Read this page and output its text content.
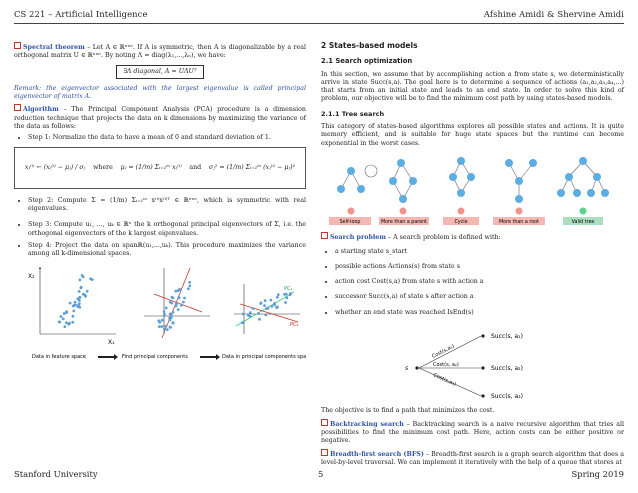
CS 221 – Artificial Intelligence	Afshine Amidi & Shervine Amidi

Spectral theorem – Let A ∈ ℝⁿˣⁿ. If A is symmetric, then A is diagonalizable by a real orthogonal matrix U ∈ ℝⁿˣⁿ. By noting Λ = diag(λ₁,...,λₙ), we have:

∃Λ diagonal, A = UΛUᵀ

Remark: the eigenvector associated with the largest eigenvalue is called principal eigenvector of matrix A.

Algorithm – The Principal Component Analysis (PCA) procedure is a dimension reduction technique that projects the data on k dimensions by maximizing the variance of the data as follows:

• Step 1: Normalize the data to have a mean of 0 and standard deviation of 1.
xⱼ⁽ⁱ⁾ ← (xⱼ⁽ⁱ⁾ − μⱼ) / σⱼ where μⱼ = (1/m) Σᵢ₌₁ᵐ xⱼ⁽ⁱ⁾ and σⱼ² = (1/m) Σᵢ₌₁ᵐ (xⱼ⁽ⁱ⁾ − μⱼ)²
• Step 2: Compute Σ = (1/m) Σᵢ₌₁ᵐ x⁽ⁱ⁾x⁽ⁱ⁾ᵀ ∈ ℝⁿˣⁿ, which is symmetric with real eigenvalues.
• Step 3: Compute u₁, ..., uₖ ∈ ℝⁿ the k orthogonal principal eigenvectors of Σ, i.e. the orthogonal eigenvectors of the k largest eigenvalues.
• Step 4: Project the data on spanℝ(u₁,...,uₖ). This procedure maximizes the variance among all k-dimensional spaces.
X₂
X₁
PC₁
PC₂
Data in feature space	Find principal components	Data in principal components space
2 States-based models
2.1 Search optimization

In this section, we assume that by accomplishing action a from state s, we deterministically arrive in state Succ(s,a). The goal here is to determine a sequence of actions (a₁,a₂,a₃,a₄,...) that starts from an initial state and leads to an end state. In order to solve this kind of problem, our objective will be to find the minimum cost path by using states-based models.

2.1.1 Tree search

This category of states-based algorithms explores all possible states and actions. It is quite memory efficient, and is suitable for huge state spaces but the runtime can become exponential in the worst cases.

Self-loop	More than a parent	Cycle	More than a root	Valid tree

Search problem – A search problem is defined with:

• a starting state s_start
• possible actions Actions(s) from state s
• action cost Cost(s,a) from state s with action a
• successor Succ(s,a) of state s after action a
• whether an end state was reached IsEnd(s)
s
Succ(s, a₁)
Succ(s, a₂)
Succ(s, a₃)
Cost(s,a₁)
Cost(s, a₂)
Cost(s,a₃)

The objective is to find a path that minimizes the cost.

Backtracking search – Backtracking search is a naive recursive algorithm that tries all possibilities to find the minimum cost path. Here, action costs can be either positive or negative.

Breadth-first search (BFS) – Breadth-first search is a graph search algorithm that does a level-by-level traversal. We can implement it iteratively with the help of a queue that stores at

Stanford University	5	Spring 2019
